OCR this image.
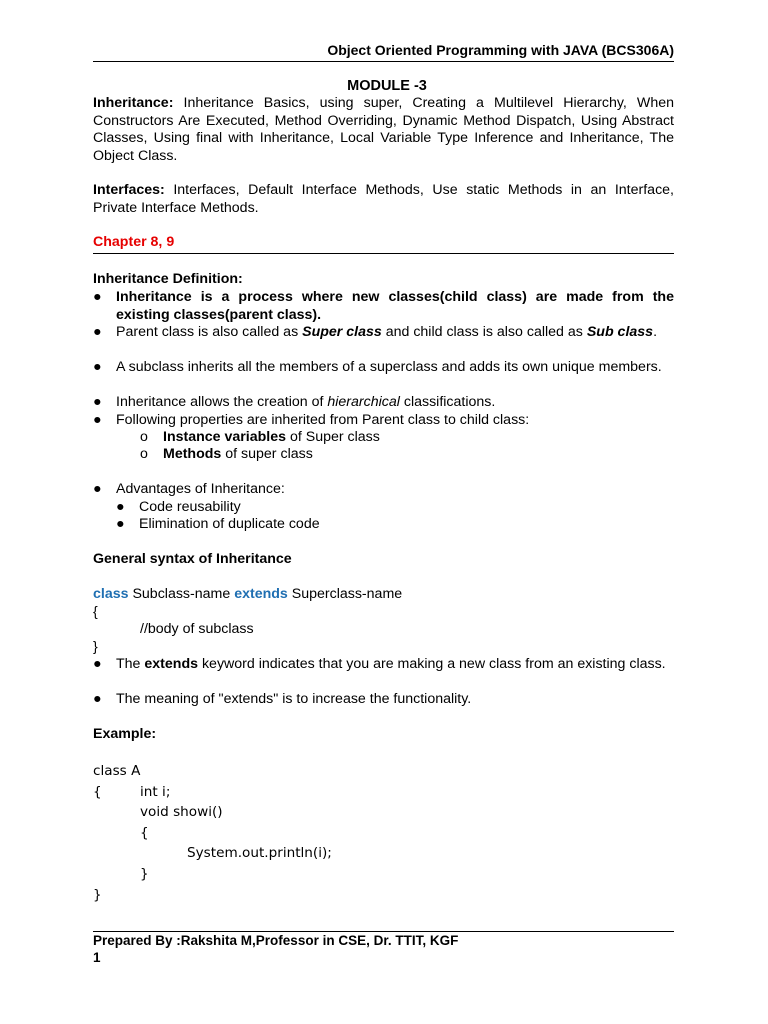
Object Oriented Programming with JAVA (BCS306A)
MODULE -3
Inheritance: Inheritance Basics, using super, Creating a Multilevel Hierarchy, When Constructors Are Executed, Method Overriding, Dynamic Method Dispatch, Using Abstract Classes, Using final with Inheritance, Local Variable Type Inference and Inheritance, The Object Class.
Interfaces: Interfaces, Default Interface Methods, Use static Methods in an Interface, Private Interface Methods.
Chapter 8, 9
Inheritance Definition:
● Inheritance is a process where new classes(child class) are made from the existing classes(parent class).
● Parent class is also called as Super class and child class is also called as Sub class.
● A subclass inherits all the members of a superclass and adds its own unique members.
● Inheritance allows the creation of hierarchical classifications.
● Following properties are inherited from Parent class to child class:
o Instance variables of Super class
o Methods of super class
● Advantages of Inheritance:
● Code reusability
● Elimination of duplicate code
General syntax of Inheritance
class Subclass-name extends Superclass-name
{
//body of subclass
}
● The extends keyword indicates that you are making a new class from an existing class.
● The meaning of "extends" is to increase the functionality.
Example:
class A
{	int i;
void showi()
{
System.out.println(i);
}
}
Prepared By :Rakshita M,Professor in CSE, Dr. TTIT, KGF
1
